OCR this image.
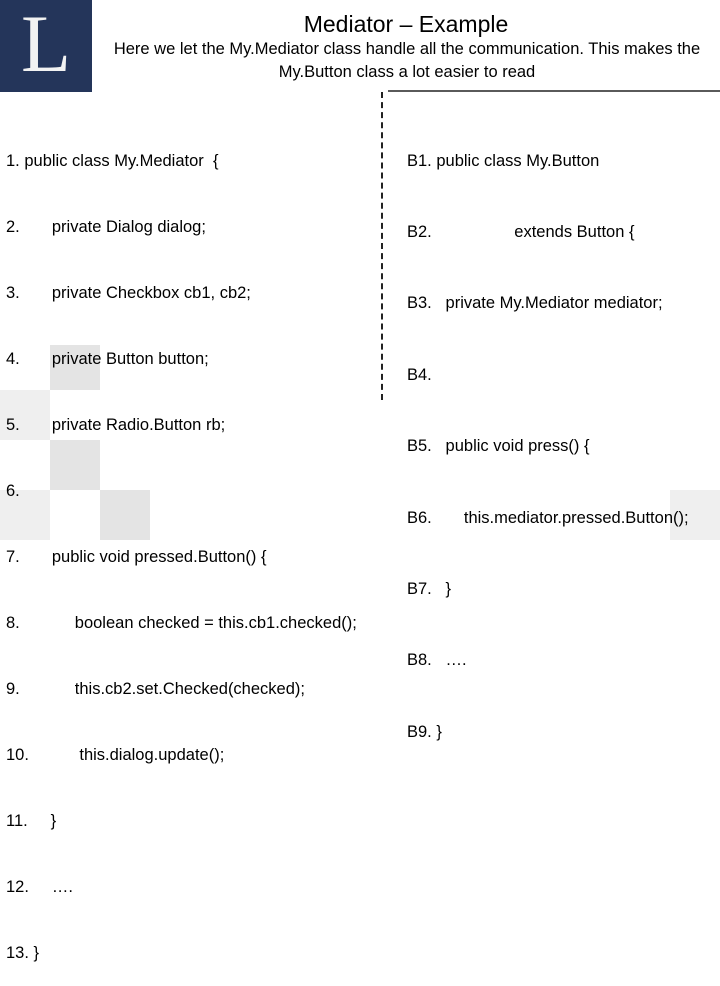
L	Mediator – Example
Here we let the My.Mediator class handle all the communication. This makes the My.Button class a lot easier to read

1. public class My.Mediator  {

2.       private Dialog dialog;

3.       private Checkbox cb1, cb2;

4.       private Button button;

5.       private Radio.Button rb;

6.

7.       public void pressed.Button() {

8.            boolean checked = this.cb1.checked();

9.            this.cb2.set.Checked(checked);

10.           this.dialog.update();

11.     }

12.     ….

13. }

B1. public class My.Button

B2.                  extends Button {

B3.   private My.Mediator mediator;

B4.

B5.   public void press() {

B6.       this.mediator.pressed.Button();

B7.   }

B8.   ….

B9. }
